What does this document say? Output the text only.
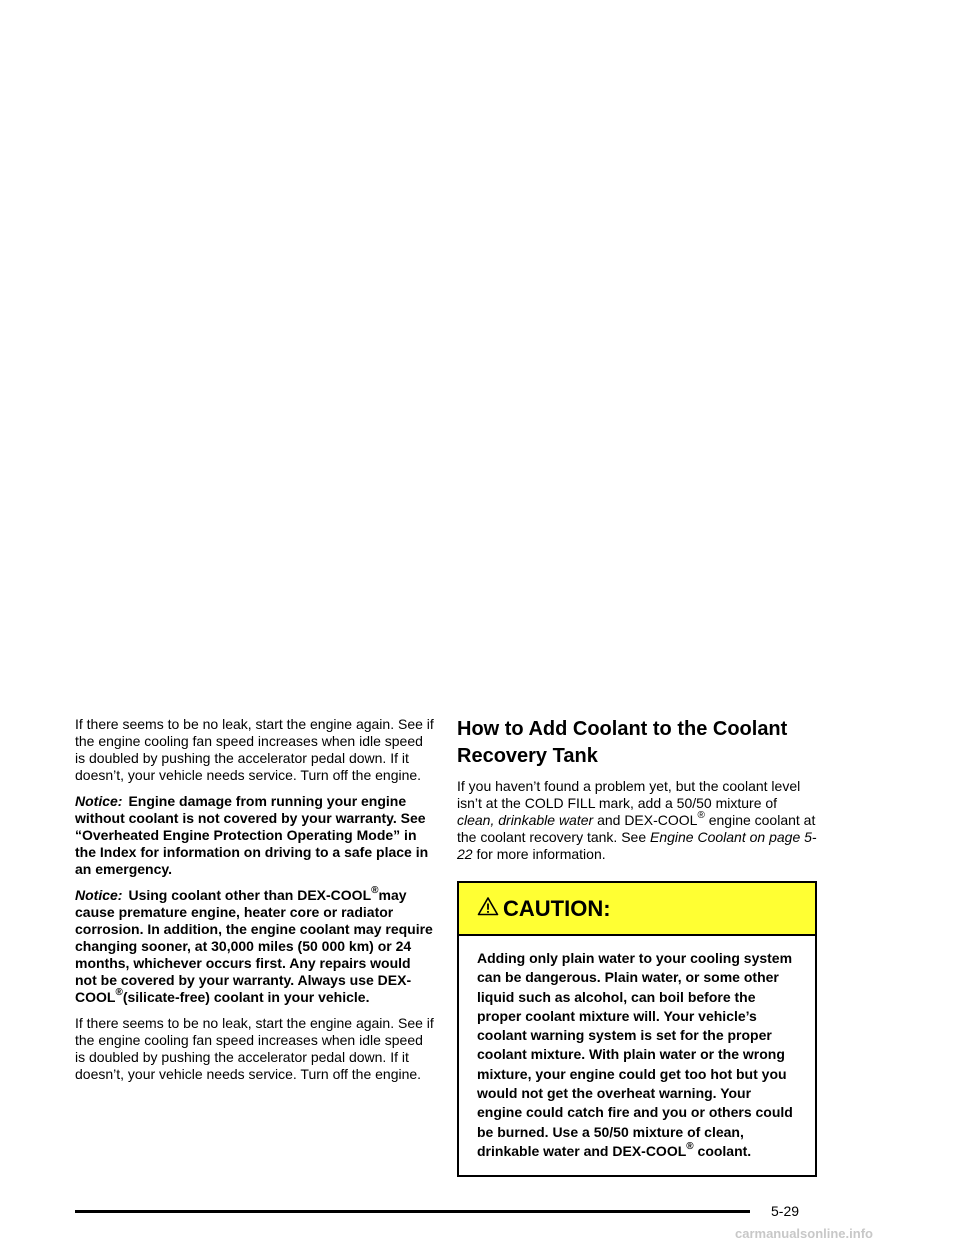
If there seems to be no leak, start the engine again. See if the engine cooling fan speed increases when idle speed is doubled by pushing the accelerator pedal down. If it doesn’t, your vehicle needs service. Turn off the engine.

Notice: Engine damage from running your engine without coolant is not covered by your warranty. See “Overheated Engine Protection Operating Mode” in the Index for information on driving to a safe place in an emergency.

Notice: Using coolant other than DEX-COOL®may cause premature engine, heater core or radiator corrosion. In addition, the engine coolant may require changing sooner, at 30,000 miles (50 000 km) or 24 months, whichever occurs first. Any repairs would not be covered by your warranty. Always use DEX-COOL®(silicate-free) coolant in your vehicle.

If there seems to be no leak, start the engine again. See if the engine cooling fan speed increases when idle speed is doubled by pushing the accelerator pedal down. If it doesn’t, your vehicle needs service. Turn off the engine.

How to Add Coolant to the Coolant Recovery Tank

If you haven’t found a problem yet, but the coolant level isn’t at the COLD FILL mark, add a 50/50 mixture of clean, drinkable water and DEX-COOL® engine coolant at the coolant recovery tank. See Engine Coolant on page 5-22 for more information.

CAUTION:
Adding only plain water to your cooling system can be dangerous. Plain water, or some other liquid such as alcohol, can boil before the proper coolant mixture will. Your vehicle’s coolant warning system is set for the proper coolant mixture. With plain water or the wrong mixture, your engine could get too hot but you would not get the overheat warning. Your engine could catch fire and you or others could be burned. Use a 50/50 mixture of clean, drinkable water and DEX-COOL® coolant.
5-29
carmanualsonline.info
